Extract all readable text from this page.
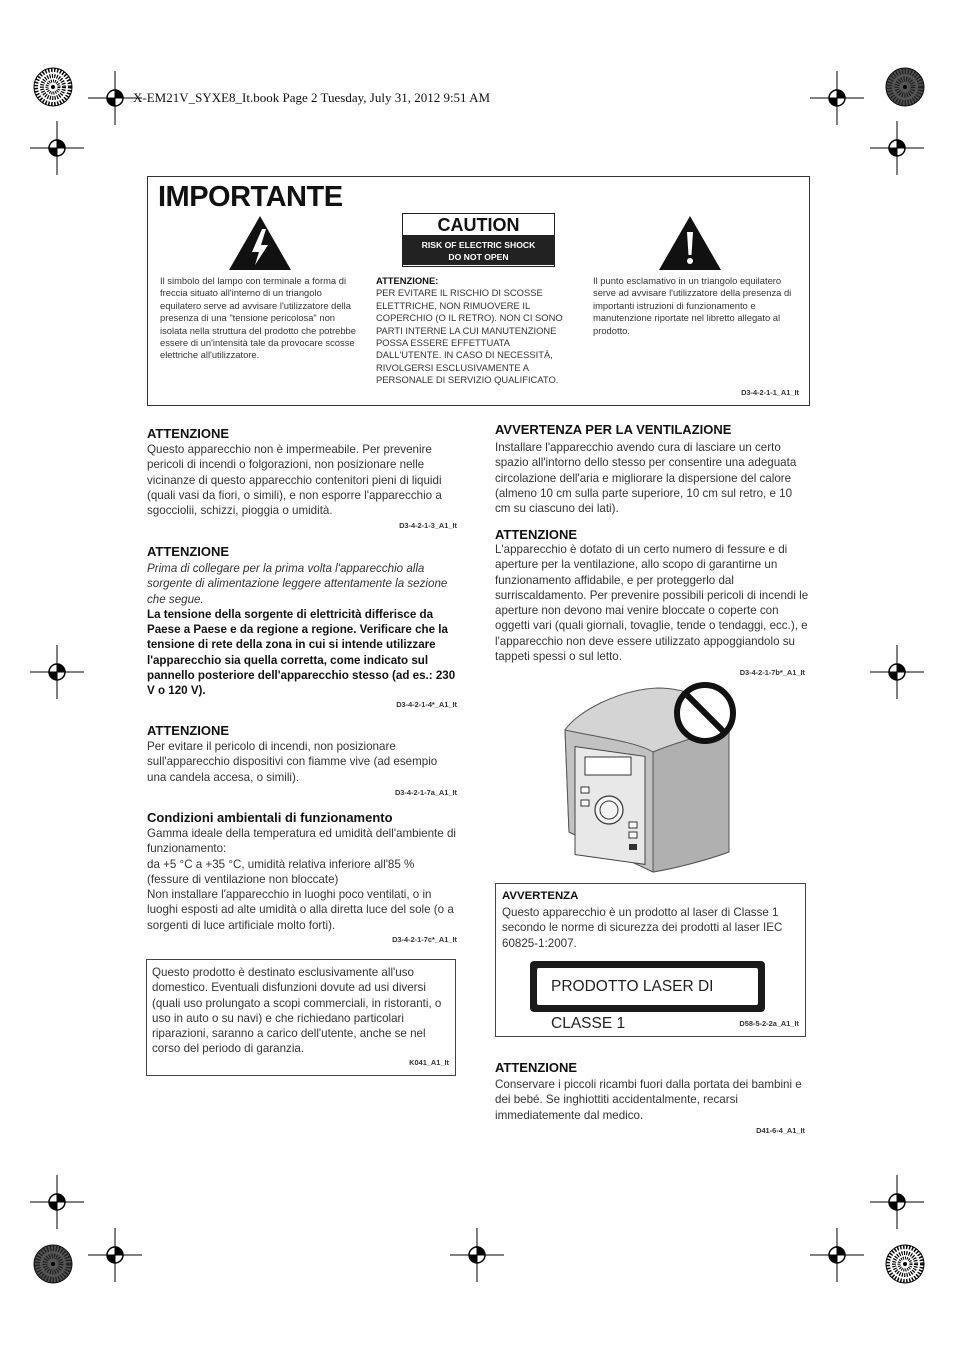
X-EM21V_SYXE8_It.book Page 2 Tuesday, July 31, 2012 9:51 AM
IMPORTANTE
Il simbolo del lampo con terminale a forma di freccia situato all'interno di un triangolo equilatero serve ad avvisare l'utilizzatore della presenza di una "tensione pericolosa" non isolata nella struttura del prodotto che potrebbe essere di un'intensità tale da provocare scosse elettriche all'utilizzatore.
CAUTION
RISK OF ELECTRIC SHOCK
DO NOT OPEN
ATTENZIONE:
PER EVITARE IL RISCHIO DI SCOSSE ELETTRICHE, NON RIMUOVERE IL COPERCHIO (O IL RETRO). NON CI SONO PARTI INTERNE LA CUI MANUTENZIONE POSSA ESSERE EFFETTUATA DALL'UTENTE. IN CASO DI NECESSITÀ, RIVOLGERSI ESCLUSIVAMENTE A PERSONALE DI SERVIZIO QUALIFICATO.
Il punto esclamativo in un triangolo equilatero serve ad avvisare l'utilizzatore della presenza di importanti istruzioni di funzionamento e manutenzione riportate nel libretto allegato al prodotto.
D3-4-2-1-1_A1_It
ATTENZIONE
Questo apparecchio non è impermeabile. Per prevenire pericoli di incendi o folgorazioni, non posizionare nelle vicinanze di questo apparecchio contenitori pieni di liquidi (quali vasi da fiori, o simili), e non esporre l'apparecchio a sgocciolii, schizzi, pioggia o umidità.
D3-4-2-1-3_A1_It
ATTENZIONE
Prima di collegare per la prima volta l'apparecchio alla sorgente di alimentazione leggere attentamente la sezione che segue.
La tensione della sorgente di elettricità differisce da Paese a Paese e da regione a regione. Verificare che la tensione di rete della zona in cui si intende utilizzare l'apparecchio sia quella corretta, come indicato sul pannello posteriore dell'apparecchio stesso (ad es.: 230 V o 120 V).
D3-4-2-1-4*_A1_It
ATTENZIONE
Per evitare il pericolo di incendi, non posizionare sull'apparecchio dispositivi con fiamme vive (ad esempio una candela accesa, o simili).
D3-4-2-1-7a_A1_It
Condizioni ambientali di funzionamento
Gamma ideale della temperatura ed umidità dell'ambiente di funzionamento:
da +5 °C a +35 °C, umidità relativa inferiore all'85 % (fessure di ventilazione non bloccate)
Non installare l'apparecchio in luoghi poco ventilati, o in luoghi esposti ad alte umidità o alla diretta luce del sole (o a sorgenti di luce artificiale molto forti).
D3-4-2-1-7c*_A1_It
Questo prodotto è destinato esclusivamente all'uso domestico. Eventuali disfunzioni dovute ad usi diversi (quali uso prolungato a scopi commerciali, in ristoranti, o uso in auto o su navi) e che richiedano particolari riparazioni, saranno a carico dell'utente, anche se nel corso del periodo di garanzia.
K041_A1_It
AVVERTENZA PER LA VENTILAZIONE
Installare l'apparecchio avendo cura di lasciare un certo spazio all'intorno dello stesso per consentire una adeguata circolazione dell'aria e migliorare la dispersione del calore (almeno 10 cm sulla parte superiore, 10 cm sul retro, e 10 cm su ciascuno dei lati).
ATTENZIONE
L'apparecchio è dotato di un certo numero di fessure e di aperture per la ventilazione, allo scopo di garantirne un funzionamento affidabile, e per proteggerlo dal surriscaldamento. Per prevenire possibili pericoli di incendi le aperture non devono mai venire bloccate o coperte con oggetti vari (quali giornali, tovaglie, tende o tendaggi, ecc.), e l'apparecchio non deve essere utilizzato appoggiandolo su tappeti spessi o sul letto.
D3-4-2-1-7b*_A1_It
AVVERTENZA
Questo apparecchio è un prodotto al laser di Classe 1 secondo le norme di sicurezza dei prodotti al laser IEC 60825-1:2007.
PRODOTTO LASER DI CLASSE 1	D58-5-2-2a_A1_It
ATTENZIONE
Conservare i piccoli ricambi fuori dalla portata dei bambini e dei bebé. Se inghiottiti accidentalmente, recarsi immediatemente dal medico.
D41-6-4_A1_It
